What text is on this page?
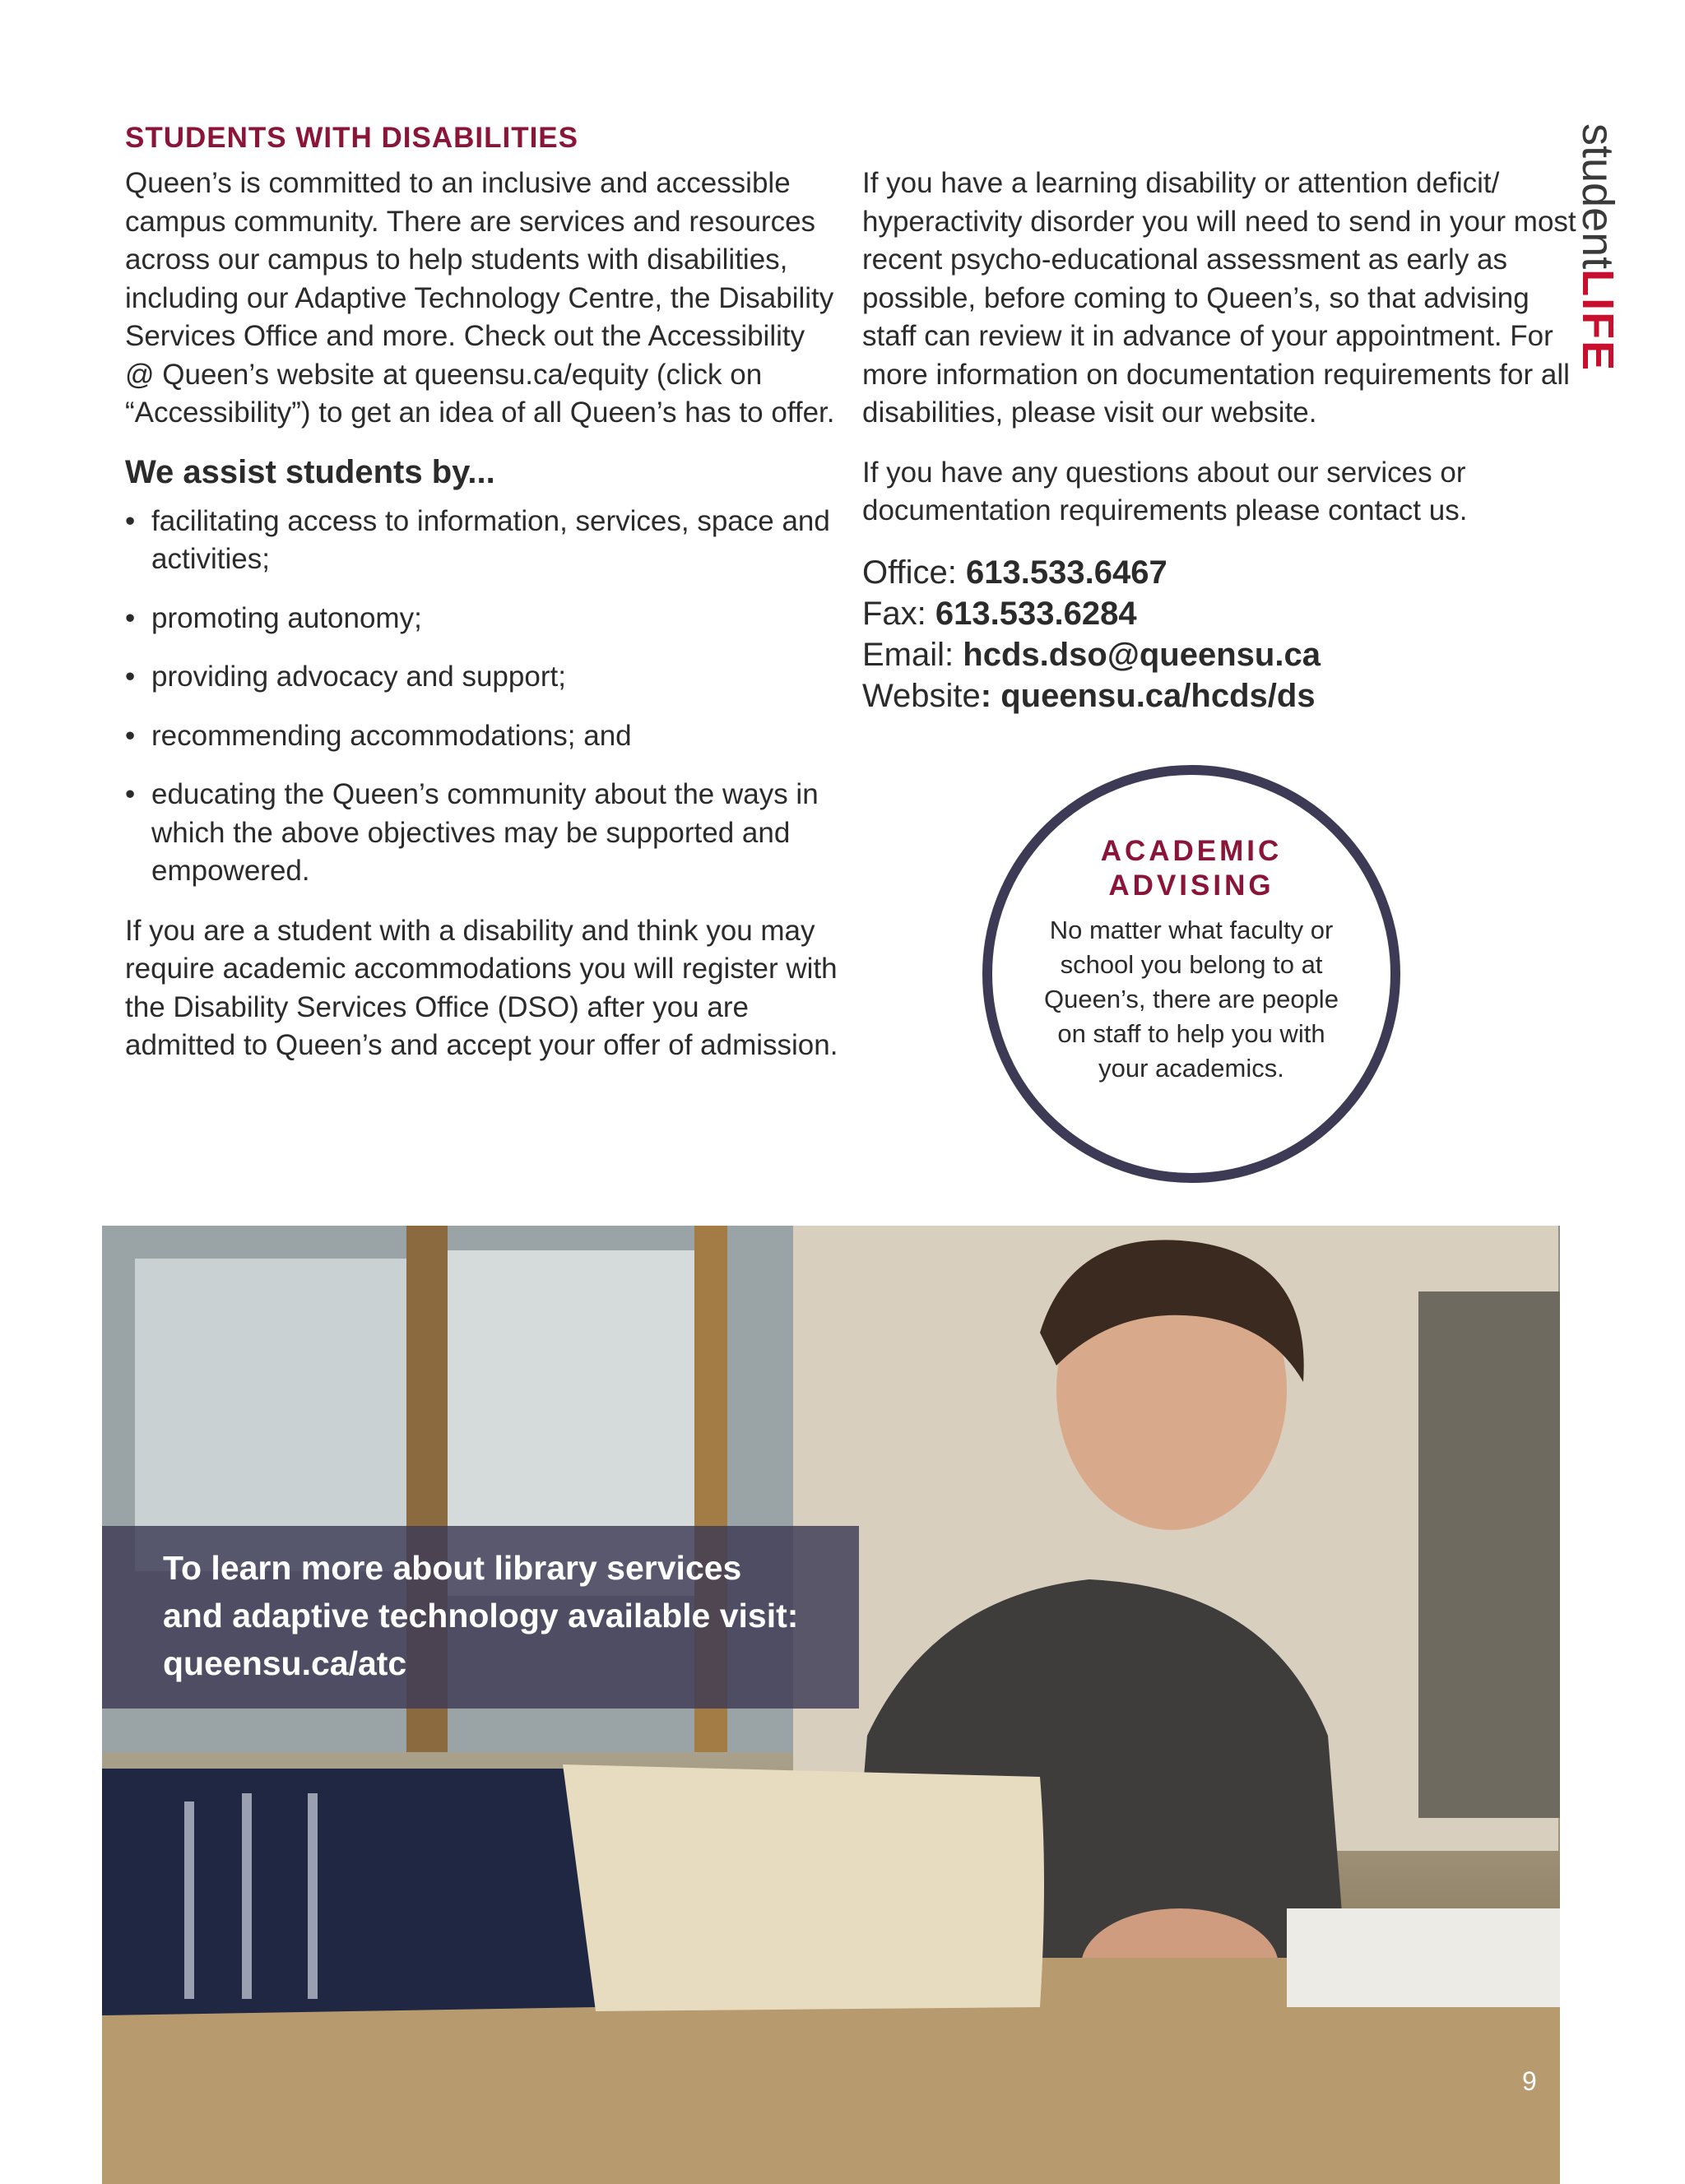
studentLIFE
STUDENTS WITH DISABILITIES

Queen’s is committed to an inclusive and accessible campus community. There are services and resources across our campus to help students with disabilities, including our Adaptive Technology Centre, the Disability Services Office and more. Check out the Accessibility @ Queen’s website at queensu.ca/equity (click on “Accessibility”) to get an idea of all Queen’s has to offer.

We assist students by...
• facilitating access to information, services, space and activities;
• promoting autonomy;
• providing advocacy and support;
• recommending accommodations; and
• educating the Queen’s community about the ways in which the above objectives may be supported and empowered.

If you are a student with a disability and think you may require academic accommodations you will register with the Disability Services Office (DSO) after you are admitted to Queen’s and accept your offer of admission.

If you have a learning disability or attention deficit/ hyperactivity disorder you will need to send in your most recent psycho-educational assessment as early as possible, before coming to Queen’s, so that advising staff can review it in advance of your appointment. For more information on documentation requirements for all disabilities, please visit our website.

If you have any questions about our services or documentation requirements please contact us.

Office: 613.533.6467
Fax: 613.533.6284
Email: hcds.dso@queensu.ca
Website: queensu.ca/hcds/ds
ACADEMIC ADVISING
No matter what faculty or school you belong to at Queen’s, there are people on staff to help you with your academics.
To learn more about library services
and adaptive technology available visit:
queensu.ca/atc
9
